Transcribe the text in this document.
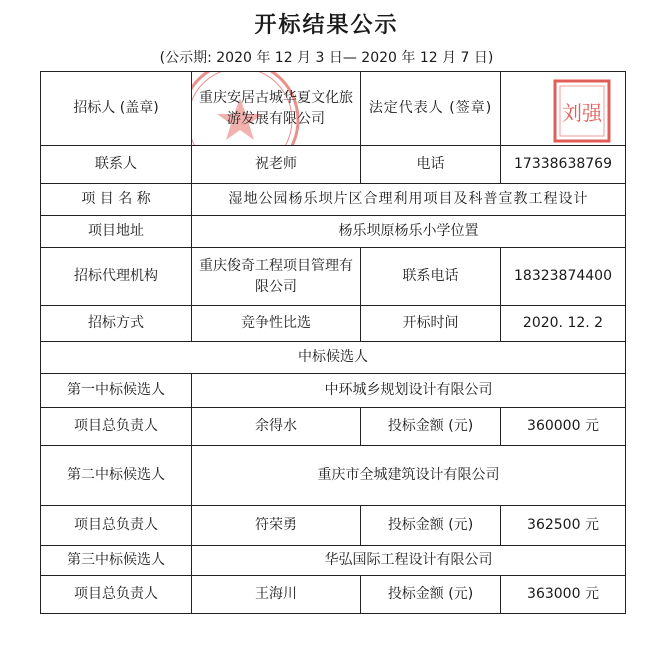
开标结果公示
(公示期: 2020 年 12 月 3 日— 2020 年 12 月 7 日)
招标人 (盖章)	重庆安居古城华夏文化旅游发展有限公司	法定代表人 (签章)	
联系人	祝老师	电话	17338638769
项 目 名 称	湿地公园杨乐坝片区合理利用项目及科普宣教工程设计		
项目地址	杨乐坝原杨乐小学位置		
招标代理机构	重庆俊奇工程项目管理有限公司	联系电话	18323874400
招标方式	竞争性比选	开标时间	2020. 12. 2
中标候选人			
第一中标候选人	中环城乡规划设计有限公司		
项目总负责人	余得水	投标金额 (元)	360000 元
第二中标候选人	重庆市全城建筑设计有限公司		
项目总负责人	符荣勇	投标金额 (元)	362500 元
第三中标候选人	华弘国际工程设计有限公司		
项目总负责人	王海川	投标金额 (元)	363000 元
刘强
